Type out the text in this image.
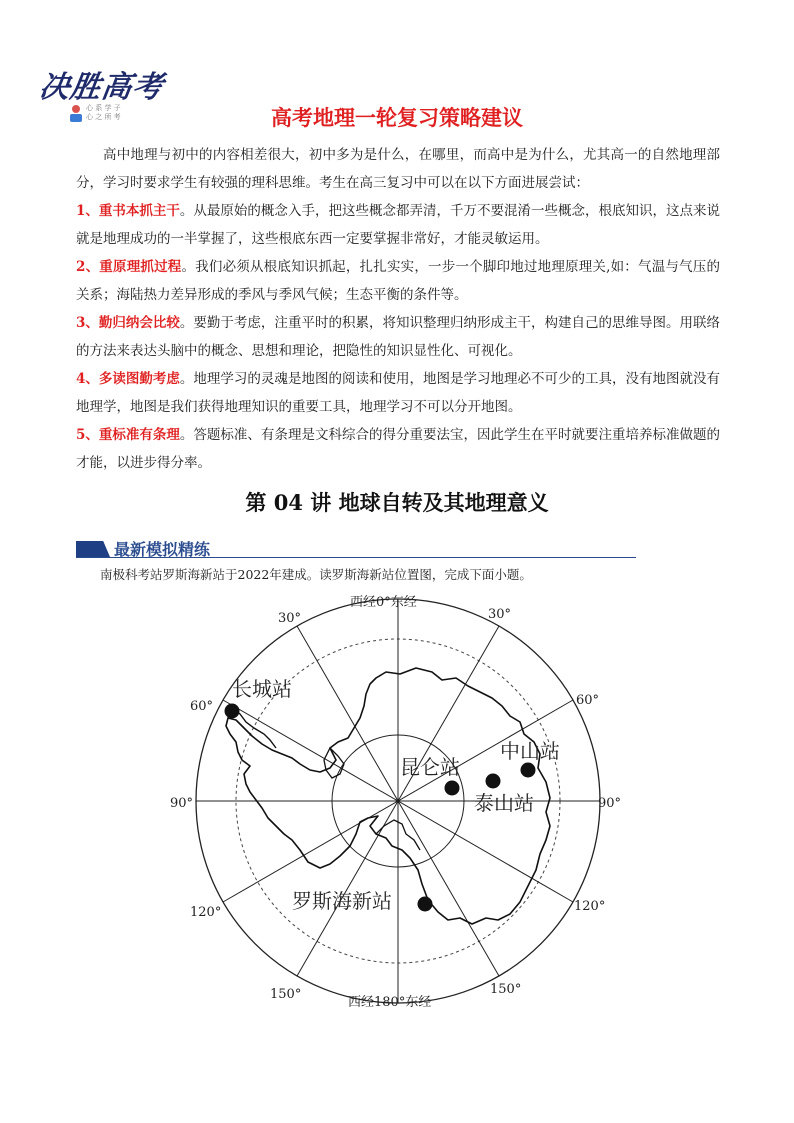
决胜高考
心 系 学 子 心 之 所 考	高考地理一轮复习策略建议
高中地理与初中的内容相差很大，初中多为是什么，在哪里，而高中是为什么，尤其高一的自然地理部分，学习时要求学生有较强的理科思维。考生在高三复习中可以在以下方面进展尝试：
1、重书本抓主干。从最原始的概念入手，把这些概念都弄清，千万不要混淆一些概念，根底知识，这点来说就是地理成功的一半掌握了，这些根底东西一定要掌握非常好，才能灵敏运用。
2、重原理抓过程。我们必须从根底知识抓起，扎扎实实，一步一个脚印地过地理原理关,如：气温与气压的关系；海陆热力差异形成的季风与季风气候；生态平衡的条件等。
3、勤归纳会比较。要勤于考虑，注重平时的积累，将知识整理归纳形成主干，构建自己的思维导图。用联络的方法来表达头脑中的概念、思想和理论，把隐性的知识显性化、可视化。
4、多读图勤考虑。地理学习的灵魂是地图的阅读和使用，地图是学习地理必不可少的工具，没有地图就没有地理学，地图是我们获得地理知识的重要工具，地理学习不可以分开地图。
5、重标准有条理。答题标准、有条理是文科综合的得分重要法宝，因此学生在平时就要注重培养标准做题的才能，以进步得分率。
第 04 讲 地球自转及其地理意义
最新模拟精练
南极科考站罗斯海新站于2022年建成。读罗斯海新站位置图，完成下面小题。
西经0°东经
西经180°东经
30°	30°
60°	60°
90°	90°
120°	120°
150°	150°
长城站
昆仑站
泰山站
中山站
罗斯海新站
